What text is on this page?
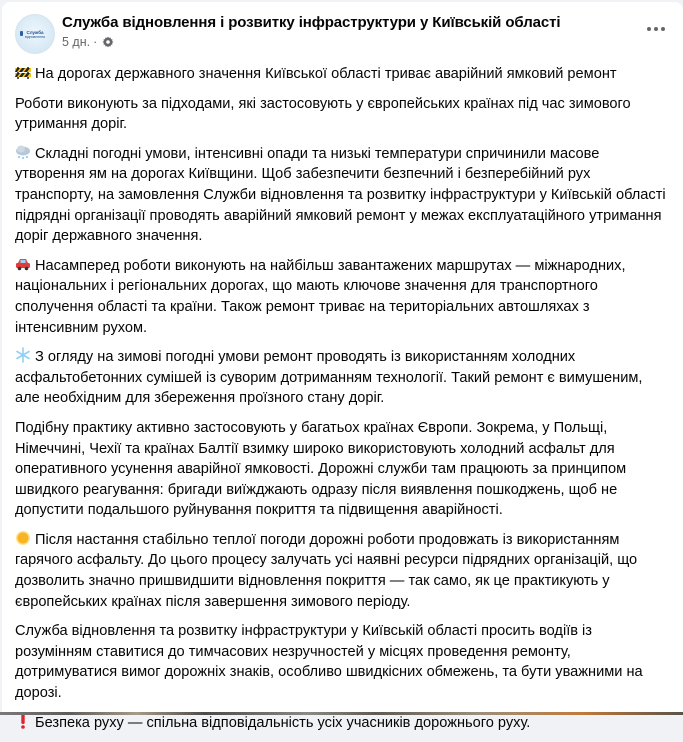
Служба
відновлення
Служба відновлення і розвитку інфраструктури у Київській області
5 дн. ·

На дорогах державного значення Київської області триває аварійний ямковий ремонт

Роботи виконують за підходами, які застосовують у європейських країнах під час зимового утримання доріг.

Складні погодні умови, інтенсивні опади та низькі температури спричинили масове утворення ям на дорогах Київщини. Щоб забезпечити безпечний і безперебійний рух транспорту, на замовлення Служби відновлення та розвитку інфраструктури у Київській області підрядні організації проводять аварійний ямковий ремонт у межах експлуатаційного утримання доріг державного значення.

Насамперед роботи виконують на найбільш завантажених маршрутах — міжнародних, національних і регіональних дорогах, що мають ключове значення для транспортного сполучення області та країни. Також ремонт триває на територіальних автошляхах з інтенсивним рухом.

З огляду на зимові погодні умови ремонт проводять із використанням холодних асфальтобетонних сумішей із суворим дотриманням технології. Такий ремонт є вимушеним, але необхідним для збереження проїзного стану доріг.

Подібну практику активно застосовують у багатьох країнах Європи. Зокрема, у Польщі, Німеччині, Чехії та країнах Балтії взимку широко використовують холодний асфальт для оперативного усунення аварійної ямковості. Дорожні служби там працюють за принципом швидкого реагування: бригади виїжджають одразу після виявлення пошкоджень, щоб не допустити подальшого руйнування покриття та підвищення аварійності.

Після настання стабільно теплої погоди дорожні роботи продовжать із використанням гарячого асфальту. До цього процесу залучать усі наявні ресурси підрядних організацій, що дозволить значно пришвидшити відновлення покриття — так само, як це практикують у європейських країнах після завершення зимового періоду.

Служба відновлення та розвитку інфраструктури у Київській області просить водіїв із розумінням ставитися до тимчасових незручностей у місцях проведення ремонту, дотримуватися вимог дорожніх знаків, особливо швидкісних обмежень, та бути уважними на дорозі.

Безпека руху — спільна відповідальність усіх учасників дорожнього руху.
